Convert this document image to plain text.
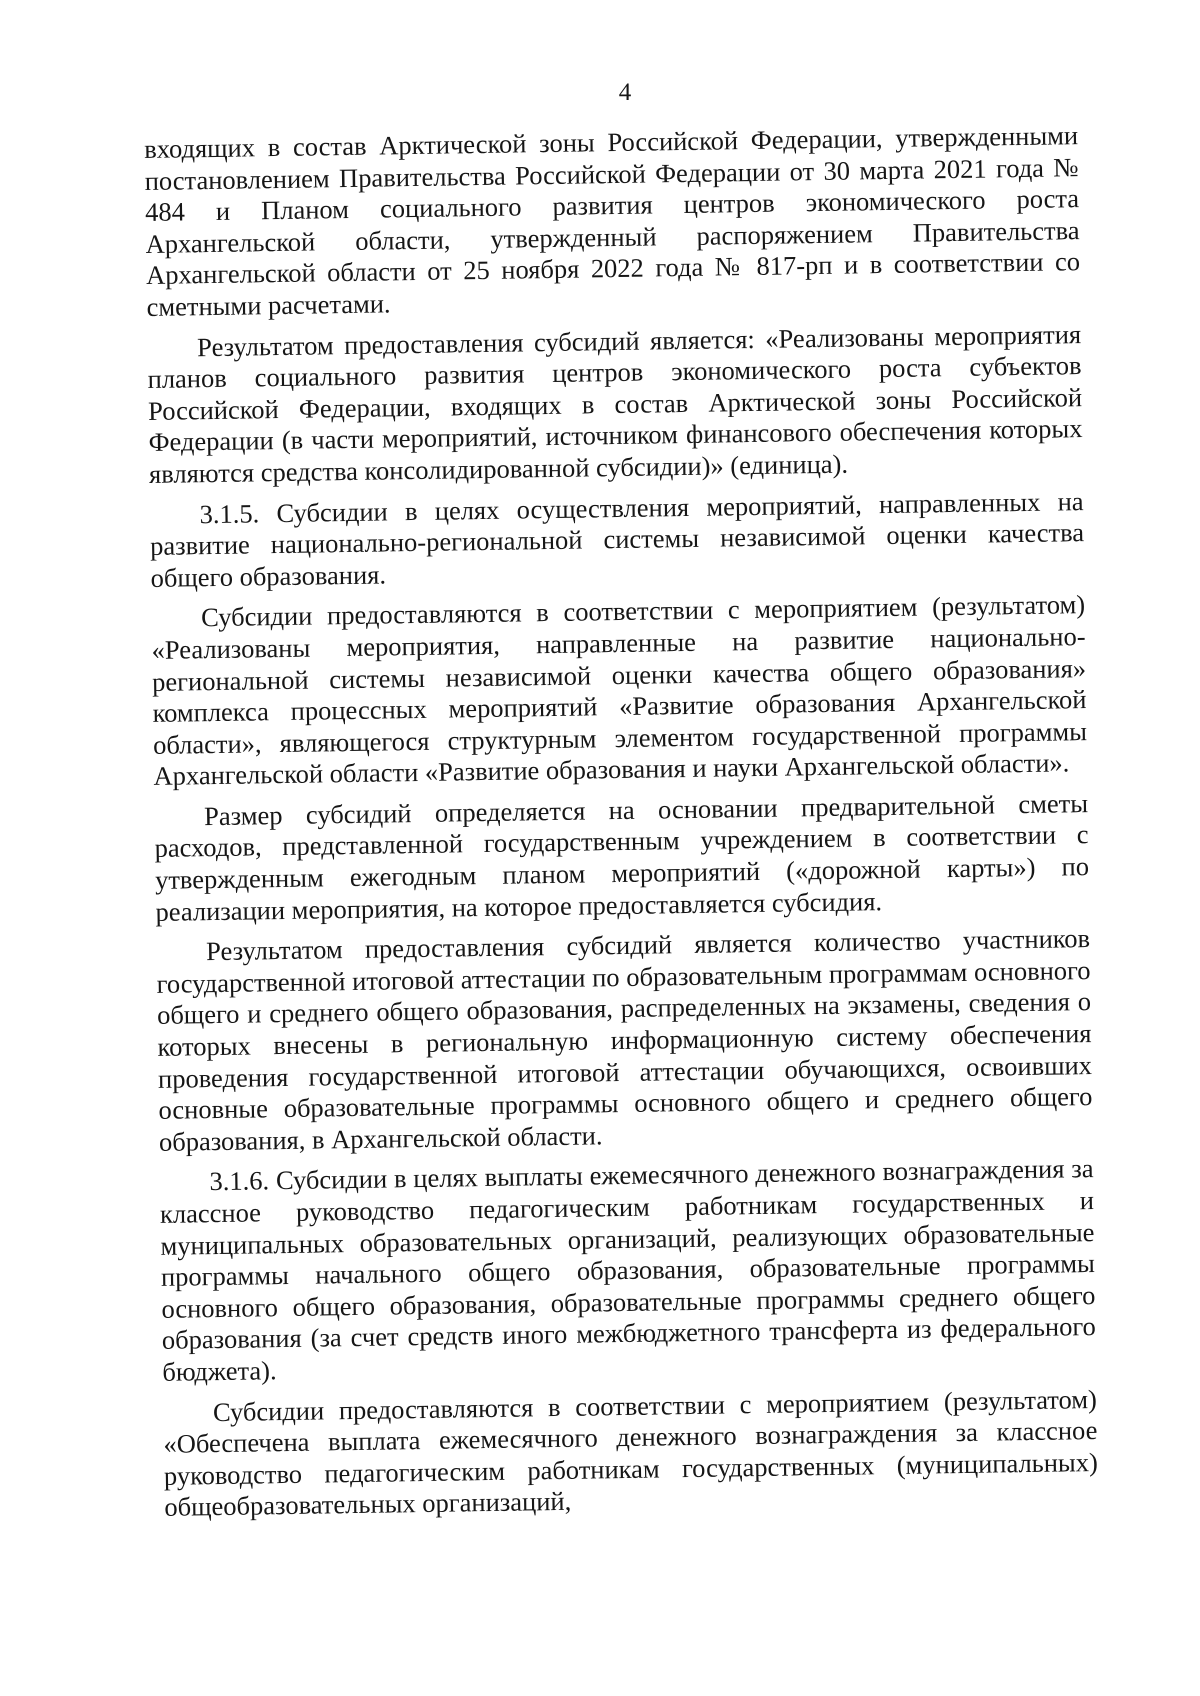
4

входящих в состав Арктической зоны Российской Федерации, утвержденными постановлением Правительства Российской Федерации от 30 марта 2021 года № 484 и Планом социального развития центров экономического роста Архангельской области, утвержденный распоряжением Правительства Архангельской области от 25 ноября 2022 года № 817-рп и в соответствии со сметными расчетами.

Результатом предоставления субсидий является: «Реализованы мероприятия планов социального развития центров экономического роста субъектов Российской Федерации, входящих в состав Арктической зоны Российской Федерации (в части мероприятий, источником финансового обеспечения которых являются средства консолидированной субсидии)» (единица).

3.1.5. Субсидии в целях осуществления мероприятий, направленных на развитие национально-региональной системы независимой оценки качества общего образования.

Субсидии предоставляются в соответствии с мероприятием (результатом) «Реализованы мероприятия, направленные на развитие национально-региональной системы независимой оценки качества общего образования» комплекса процессных мероприятий «Развитие образования Архангельской области», являющегося структурным элементом государственной программы Архангельской области «Развитие образования и науки Архангельской области».

Размер субсидий определяется на основании предварительной сметы расходов, представленной государственным учреждением в соответствии с утвержденным ежегодным планом мероприятий («дорожной карты») по реализации мероприятия, на которое предоставляется субсидия.

Результатом предоставления субсидий является количество участников государственной итоговой аттестации по образовательным программам основного общего и среднего общего образования, распределенных на экзамены, сведения о которых внесены в региональную информационную систему обеспечения проведения государственной итоговой аттестации обучающихся, освоивших основные образовательные программы основного общего и среднего общего образования, в Архангельской области.

3.1.6. Субсидии в целях выплаты ежемесячного денежного вознаграждения за классное руководство педагогическим работникам государственных и муниципальных образовательных организаций, реализующих образовательные программы начального общего образования, образовательные программы основного общего образования, образовательные программы среднего общего образования (за счет средств иного межбюджетного трансферта из федерального бюджета).

Субсидии предоставляются в соответствии с мероприятием (результатом) «Обеспечена выплата ежемесячного денежного вознаграждения за классное руководство педагогическим работникам государственных (муниципальных) общеобразовательных организаций,
